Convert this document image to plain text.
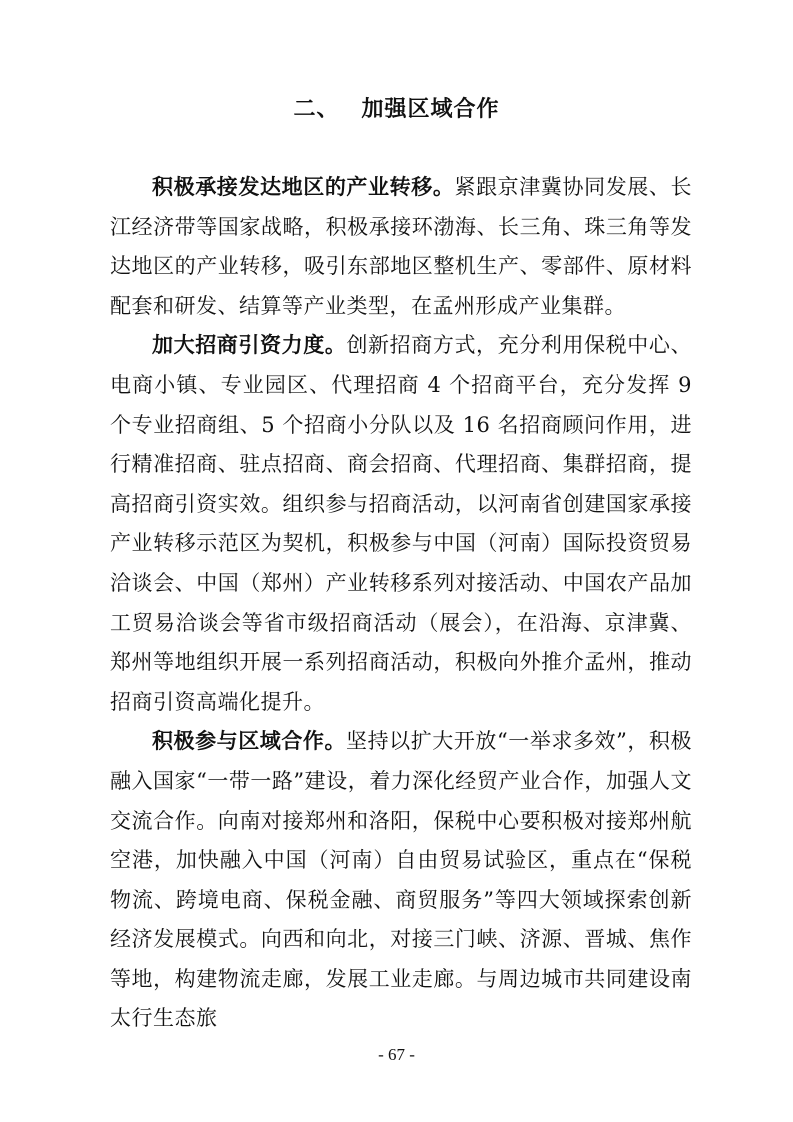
二、 加强区域合作

积极承接发达地区的产业转移。紧跟京津冀协同发展、长江经济带等国家战略，积极承接环渤海、长三角、珠三角等发达地区的产业转移，吸引东部地区整机生产、零部件、原材料配套和研发、结算等产业类型，在孟州形成产业集群。

加大招商引资力度。创新招商方式，充分利用保税中心、电商小镇、专业园区、代理招商 4 个招商平台，充分发挥 9 个专业招商组、5 个招商小分队以及 16 名招商顾问作用，进行精准招商、驻点招商、商会招商、代理招商、集群招商，提高招商引资实效。组织参与招商活动，以河南省创建国家承接产业转移示范区为契机，积极参与中国（河南）国际投资贸易洽谈会、中国（郑州）产业转移系列对接活动、中国农产品加工贸易洽谈会等省市级招商活动（展会），在沿海、京津冀、郑州等地组织开展一系列招商活动，积极向外推介孟州，推动招商引资高端化提升。

积极参与区域合作。坚持以扩大开放“一举求多效”，积极融入国家“一带一路”建设，着力深化经贸产业合作，加强人文交流合作。向南对接郑州和洛阳，保税中心要积极对接郑州航空港，加快融入中国（河南）自由贸易试验区，重点在“保税物流、跨境电商、保税金融、商贸服务”等四大领域探索创新经济发展模式。向西和向北，对接三门峡、济源、晋城、焦作等地，构建物流走廊，发展工业走廊。与周边城市共同建设南太行生态旅

- 67 -
